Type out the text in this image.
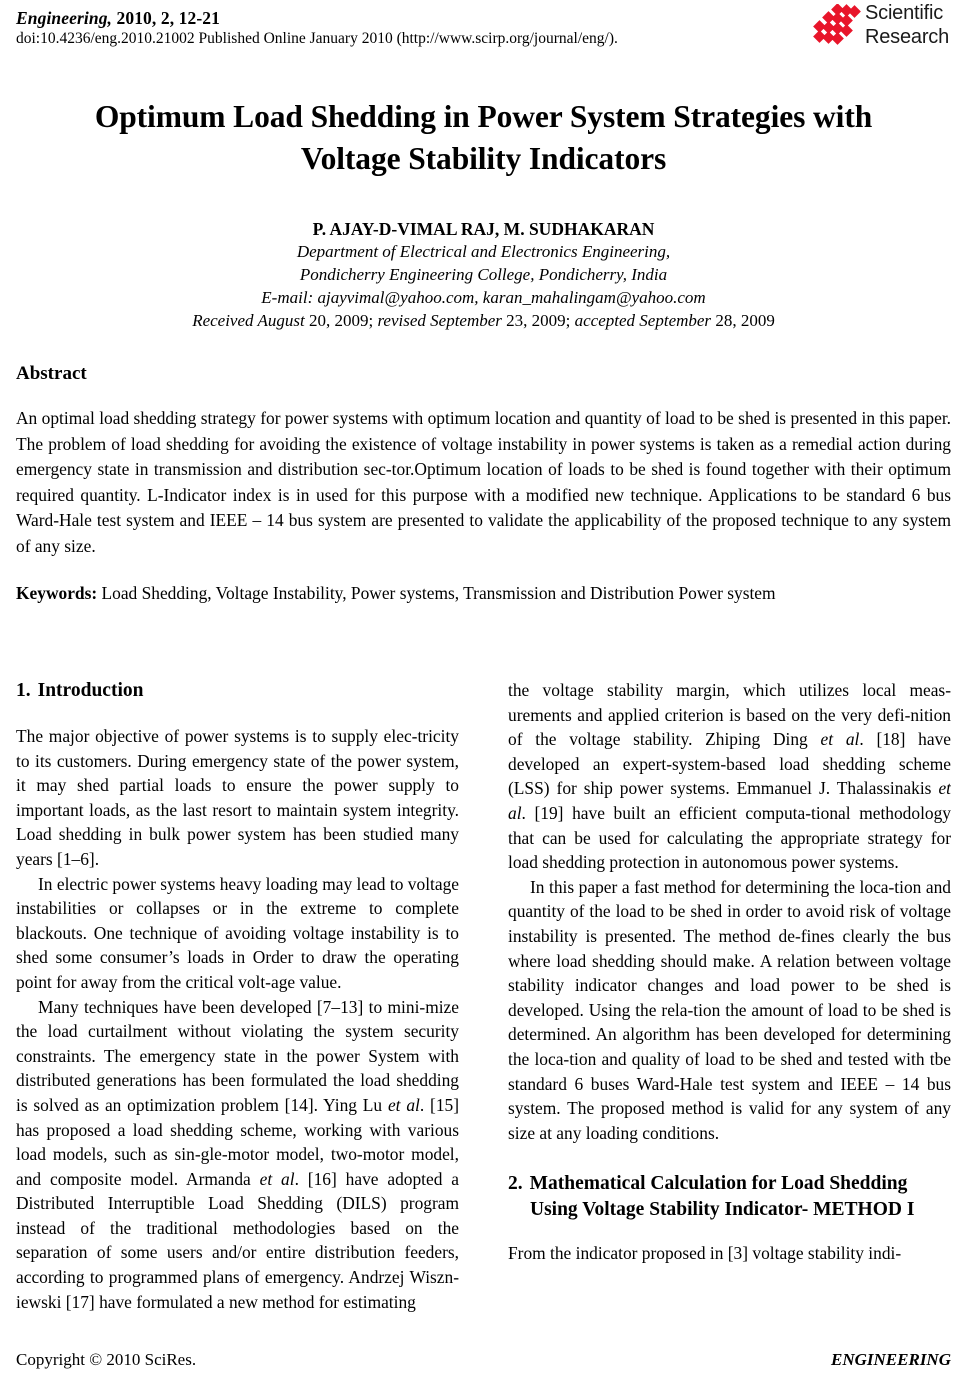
Engineering, 2010, 2, 12-21
doi:10.4236/eng.2010.21002 Published Online January 2010 (http://www.scirp.org/journal/eng/).
Scientific
Research
Optimum Load Shedding in Power System Strategies with Voltage Stability Indicators
P. AJAY-D-VIMAL RAJ, M. SUDHAKARAN
Department of Electrical and Electronics Engineering,
Pondicherry Engineering College, Pondicherry, India
E-mail: ajayvimal@yahoo.com, karan_mahalingam@yahoo.com
Received August 20, 2009; revised September 23, 2009; accepted September 28, 2009
Abstract

An optimal load shedding strategy for power systems with optimum location and quantity of load to be shed is presented in this paper. The problem of load shedding for avoiding the existence of voltage instability in power systems is taken as a remedial action during emergency state in transmission and distribution sec-tor.Optimum location of loads to be shed is found together with their optimum required quantity. L-Indicator index is in used for this purpose with a modified new technique. Applications to be standard 6 bus Ward-Hale test system and IEEE – 14 bus system are presented to validate the applicability of the proposed technique to any system of any size.

Keywords: Load Shedding, Voltage Instability, Power systems, Transmission and Distribution Power system

1. Introduction

The major objective of power systems is to supply elec-tricity to its customers. During emergency state of the power system, it may shed partial loads to ensure the power supply to important loads, as the last resort to maintain system integrity. Load shedding in bulk power system has been studied many years [1–6].

In electric power systems heavy loading may lead to voltage instabilities or collapses or in the extreme to complete blackouts. One technique of avoiding voltage instability is to shed some consumer’s loads in Order to draw the operating point for away from the critical volt-age value.

Many techniques have been developed [7–13] to mini-mize the load curtailment without violating the system security constraints. The emergency state in the power System with distributed generations has been formulated the load shedding is solved as an optimization problem [14]. Ying Lu et al. [15] has proposed a load shedding scheme, working with various load models, such as sin-gle-motor model, two-motor model, and composite model. Armanda et al. [16] have adopted a Distributed Interruptible Load Shedding (DILS) program instead of the traditional methodologies based on the separation of some users and/or entire distribution feeders, according to programmed plans of emergency. Andrzej Wiszn-iewski [17] have formulated a new method for estimating

the voltage stability margin, which utilizes local meas-urements and applied criterion is based on the very defi-nition of the voltage stability. Zhiping Ding et al. [18] have developed an expert-system-based load shedding scheme (LSS) for ship power systems. Emmanuel J. Thalassinakis et al. [19] have built an efficient computa-tional methodology that can be used for calculating the appropriate strategy for load shedding protection in autonomous power systems.

In this paper a fast method for determining the loca-tion and quantity of the load to be shed in order to avoid risk of voltage instability is presented. The method de-fines clearly the bus where load shedding should make. A relation between voltage stability indicator changes and load power to be shed is developed. Using the rela-tion the amount of load to be shed is determined. An algorithm has been developed for determining the loca-tion and quality of load to be shed and tested with tbe standard 6 buses Ward-Hale test system and IEEE – 14 bus system. The proposed method is valid for any system of any size at any loading conditions.

2. Mathematical Calculation for Load Shedding Using Voltage Stability Indicator- METHOD I

From the indicator proposed in [3] voltage stability indi-

Copyright © 2010 SciRes.	ENGINEERING
